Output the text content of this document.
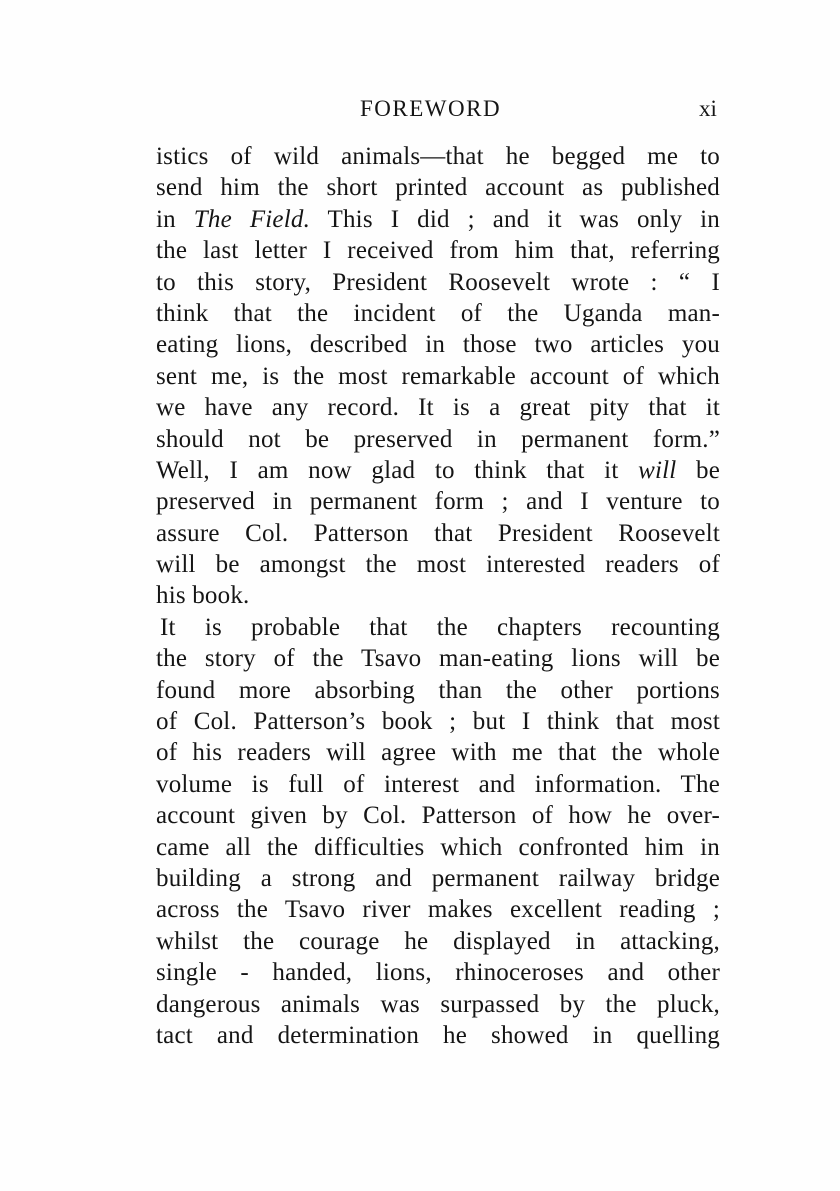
FOREWORD	xi
istics of wild animals—that he begged me to
send him the short printed account as published
in The Field. This I did ; and it was only in
the last letter I received from him that, referring
to this story, President Roosevelt wrote : “ I
think that the incident of the Uganda man-
eating lions, described in those two articles you
sent me, is the most remarkable account of which
we have any record. It is a great pity that it
should not be preserved in permanent form.”
Well, I am now glad to think that it will be
preserved in permanent form ; and I venture to
assure Col. Patterson that President Roosevelt
will be amongst the most interested readers of
his book.
It is probable that the chapters recounting
the story of the Tsavo man-eating lions will be
found more absorbing than the other portions
of Col. Patterson’s book ; but I think that most
of his readers will agree with me that the whole
volume is full of interest and information. The
account given by Col. Patterson of how he over-
came all the difficulties which confronted him in
building a strong and permanent railway bridge
across the Tsavo river makes excellent reading ;
whilst the courage he displayed in attacking,
single - handed, lions, rhinoceroses and other
dangerous animals was surpassed by the pluck,
tact and determination he showed in quelling
